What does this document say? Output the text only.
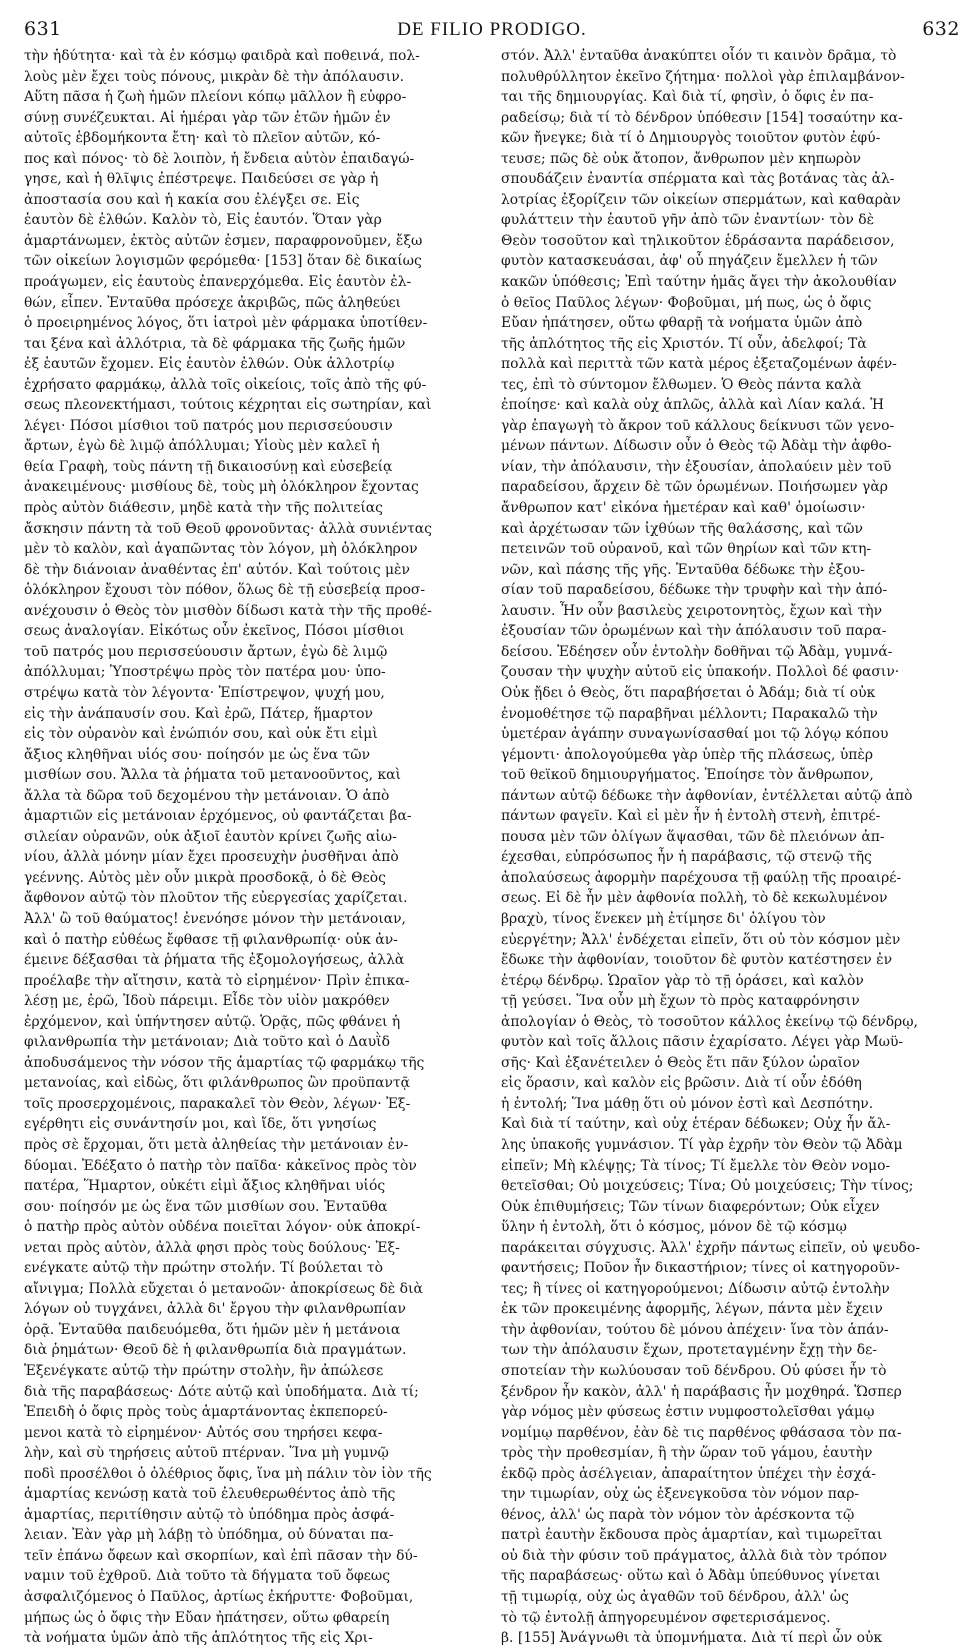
631	DE FILIO PRODIGO.	632

τὴν ἡδύτητα· καὶ τὰ ἐν κόσμῳ φαιδρὰ καὶ ποθεινά, πολ-
λοὺς μὲν ἔχει τοὺς πόνους, μικρὰν δὲ τὴν ἀπόλαυσιν.
Αὕτη πᾶσα ἡ ζωὴ ἡμῶν πλείονι κόπῳ μᾶλλον ἢ εὐφρο-
σύνῃ συνέζευκται. Αἱ ἡμέραι γὰρ τῶν ἐτῶν ἡμῶν ἐν
αὐτοῖς ἑβδομήκοντα ἔτη· καὶ τὸ πλεῖον αὐτῶν, κό-
πος καὶ πόνος· τὸ δὲ λοιπὸν, ἡ ἔνδεια αὐτὸν ἐπαιδαγώ-
γησε, καὶ ἡ θλῖψις ἐπέστρεψε. Παιδεύσει σε γὰρ ἡ
ἀποστασία σου καὶ ἡ κακία σου ἐλέγξει σε. Εἰς
ἑαυτὸν δὲ ἐλθών. Καλὸν τὸ, Εἰς ἑαυτόν. Ὅταν γὰρ
ἁμαρτάνωμεν, ἐκτὸς αὐτῶν ἐσμεν, παραφρονοῦμεν, ἔξω
τῶν οἰκείων λογισμῶν φερόμεθα· [153] ὅταν δὲ δικαίως
προάγωμεν, εἰς ἑαυτοὺς ἐπανερχόμεθα. Εἰς ἑαυτὸν ἐλ-
θών, εἶπεν. Ἐνταῦθα πρόσεχε ἀκριβῶς, πῶς ἀληθεύει
ὁ προειρημένος λόγος, ὅτι ἰατροὶ μὲν φάρμακα ὑποτίθεν-
ται ξένα καὶ ἀλλότρια, τὰ δὲ φάρμακα τῆς ζωῆς ἡμῶν
ἐξ ἑαυτῶν ἔχομεν. Εἰς ἑαυτὸν ἐλθών. Οὐκ ἀλλοτρίῳ
ἐχρήσατο φαρμάκῳ, ἀλλὰ τοῖς οἰκείοις, τοῖς ἀπὸ τῆς φύ-
σεως πλεονεκτήμασι, τούτοις κέχρηται εἰς σωτηρίαν, καὶ
λέγει· Πόσοι μίσθιοι τοῦ πατρός μου περισσεύουσιν
ἄρτων, ἐγὼ δὲ λιμῷ ἀπόλλυμαι; Υἱοὺς μὲν καλεῖ ἡ
θεία Γραφὴ, τοὺς πάντη τῇ δικαιοσύνῃ καὶ εὐσεβείᾳ
ἀνακειμένους· μισθίους δὲ, τοὺς μὴ ὁλόκληρον ἔχοντας
πρὸς αὐτὸν διάθεσιν, μηδὲ κατὰ τὴν τῆς πολιτείας
ἄσκησιν πάντη τὰ τοῦ Θεοῦ φρονοῦντας· ἀλλὰ συνιέντας
μὲν τὸ καλὸν, καὶ ἀγαπῶντας τὸν λόγον, μὴ ὁλόκληρον
δὲ τὴν διάνοιαν ἀναθέντας ἐπ' αὐτόν. Καὶ τούτοις μὲν
ὁλόκληρον ἔχουσι τὸν πόθον, ὅλως δὲ τῇ εὐσεβείᾳ προσ-
ανέχουσιν ὁ Θεὸς τὸν μισθὸν δίδωσι κατὰ τὴν τῆς προθέ-
σεως ἀναλογίαν. Εἰκότως οὖν ἐκεῖνος, Πόσοι μίσθιοι
τοῦ πατρός μου περισσεύουσιν ἄρτων, ἐγὼ δὲ λιμῷ
ἀπόλλυμαι; Ὑποστρέψω πρὸς τὸν πατέρα μου· ὑπο-
στρέψω κατὰ τὸν λέγοντα· Ἐπίστρεψον, ψυχή μου,
εἰς τὴν ἀνάπαυσίν σου. Καὶ ἐρῶ, Πάτερ, ἥμαρτον
εἰς τὸν οὐρανὸν καὶ ἐνώπιόν σου, καὶ οὐκ ἔτι εἰμὶ
ἄξιος κληθῆναι υἱός σου· ποίησόν με ὡς ἕνα τῶν
μισθίων σου. Ἄλλα τὰ ῥήματα τοῦ μετανοοῦντος, καὶ
ἄλλα τὰ δῶρα τοῦ δεχομένου τὴν μετάνοιαν. Ὁ ἀπὸ
ἁμαρτιῶν εἰς μετάνοιαν ἐρχόμενος, οὐ φαντάζεται βα-
σιλείαν οὐρανῶν, οὐκ ἀξιοῖ ἑαυτὸν κρίνει ζωῆς αἰω-
νίου, ἀλλὰ μόνην μίαν ἔχει προσευχὴν ῥυσθῆναι ἀπὸ
γεέννης. Αὐτὸς μὲν οὖν μικρὰ προσδοκᾷ, ὁ δὲ Θεὸς
ἄφθονον αὐτῷ τὸν πλοῦτον τῆς εὐεργεσίας χαρίζεται.
Ἀλλ' ὢ τοῦ θαύματος! ἐνενόησε μόνον τὴν μετάνοιαν,
καὶ ὁ πατὴρ εὐθέως ἔφθασε τῇ φιλανθρωπίᾳ· οὐκ ἀν-
έμεινε δέξασθαι τὰ ῥήματα τῆς ἐξομολογήσεως, ἀλλὰ
προέλαβε τὴν αἴτησιν, κατὰ τὸ εἰρημένον· Πρὶν ἐπικα-
λέσῃ με, ἐρῶ, Ἰδοὺ πάρειμι. Εἶδε τὸν υἱὸν μακρόθεν
ἐρχόμενον, καὶ ὑπήντησεν αὐτῷ. Ὁρᾷς, πῶς φθάνει ἡ
φιλανθρωπία τὴν μετάνοιαν; Διὰ τοῦτο καὶ ὁ Δαυῒδ
ἀποδυσάμενος τὴν νόσον τῆς ἁμαρτίας τῷ φαρμάκῳ τῆς
μετανοίας, καὶ εἰδὼς, ὅτι φιλάνθρωπος ὢν προϋπαντᾷ
τοῖς προσερχομένοις, παρακαλεῖ τὸν Θεὸν, λέγων· Ἐξ-
εγέρθητι εἰς συνάντησίν μοι, καὶ ἴδε, ὅτι γνησίως
πρὸς σὲ ἔρχομαι, ὅτι μετὰ ἀληθείας τὴν μετάνοιαν ἐν-
δύομαι. Ἐδέξατο ὁ πατὴρ τὸν παῖδα· κἀκεῖνος πρὸς τὸν
πατέρα, Ἥμαρτον, οὐκέτι εἰμὶ ἄξιος κληθῆναι υἱός
σου· ποίησόν με ὡς ἕνα τῶν μισθίων σου. Ἐνταῦθα
ὁ πατὴρ πρὸς αὐτὸν οὐδένα ποιεῖται λόγον· οὐκ ἀποκρί-
νεται πρὸς αὐτὸν, ἀλλὰ φησι πρὸς τοὺς δούλους· Ἐξ-
ενέγκατε αὐτῷ τὴν πρώτην στολήν. Τί βούλεται τὸ
αἴνιγμα; Πολλὰ εὔχεται ὁ μετανοῶν· ἀποκρίσεως δὲ διὰ
λόγων οὐ τυγχάνει, ἀλλὰ δι' ἔργου τὴν φιλανθρωπίαν
ὁρᾷ. Ἐνταῦθα παιδευόμεθα, ὅτι ἡμῶν μὲν ἡ μετάνοια
διὰ ῥημάτων· Θεοῦ δὲ ἡ φιλανθρωπία διὰ πραγμάτων.
Ἐξενέγκατε αὐτῷ τὴν πρώτην στολὴν, ἣν ἀπώλεσε
διὰ τῆς παραβάσεως· Δότε αὐτῷ καὶ ὑποδήματα. Διὰ τί;
Ἐπειδὴ ὁ ὄφις πρὸς τοὺς ἁμαρτάνοντας ἐκπεπορεύ-
μενοι κατὰ τὸ εἰρημένον· Αὐτός σου τηρήσει κεφα-
λὴν, καὶ σὺ τηρήσεις αὐτοῦ πτέρναν. Ἵνα μὴ γυμνῷ
ποδὶ προσέλθοι ὁ ὀλέθριος ὄφις, ἵνα μὴ πάλιν τὸν ἰὸν τῆς
ἁμαρτίας κενώσῃ κατὰ τοῦ ἐλευθερωθέντος ἀπὸ τῆς
ἁμαρτίας, περιτίθησιν αὐτῷ τὸ ὑπόδημα πρὸς ἀσφά-
λειαν. Ἐὰν γὰρ μὴ λάβῃ τὸ ὑπόδημα, οὐ δύναται πα-
τεῖν ἐπάνω ὄφεων καὶ σκορπίων, καὶ ἐπὶ πᾶσαν τὴν δύ-
ναμιν τοῦ ἐχθροῦ. Διὰ τοῦτο τὰ δήγματα τοῦ ὄφεως
ἀσφαλιζόμενος ὁ Παῦλος, ἀρτίως ἐκήρυττε· Φοβοῦμαι,
μήπως ὡς ὁ ὄφις τὴν Εὔαν ἠπάτησεν, οὕτω φθαρείη
τὰ νοήματα ὑμῶν ἀπὸ τῆς ἁπλότητος τῆς εἰς Χρι-

στόν. Ἀλλ' ἐνταῦθα ἀνακύπτει οἷόν τι καινὸν δρᾶμα, τὸ
πολυθρύλλητον ἐκεῖνο ζήτημα· πολλοὶ γὰρ ἐπιλαμβάνον-
ται τῆς δημιουργίας. Καὶ διὰ τί, φησὶν, ὁ ὄφις ἐν πα-
ραδείσῳ; διὰ τί τὸ δένδρον ὑπόθεσιν [154] τοσαύτην κα-
κῶν ἤνεγκε; διὰ τί ὁ Δημιουργὸς τοιοῦτον φυτὸν ἐφύ-
τευσε; πῶς δὲ οὐκ ἄτοπον, ἄνθρωπον μὲν κηπωρὸν
σπουδάζειν ἐναντία σπέρματα καὶ τὰς βοτάνας τὰς ἀλ-
λοτρίας ἐξορίζειν τῶν οἰκείων σπερμάτων, καὶ καθαρὰν
φυλάττειν τὴν ἑαυτοῦ γῆν ἀπὸ τῶν ἐναντίων· τὸν δὲ
Θεὸν τοσοῦτον καὶ τηλικοῦτον ἑδράσαντα παράδεισον,
φυτὸν κατασκευάσαι, ἀφ' οὗ πηγάζειν ἔμελλεν ἡ τῶν
κακῶν ὑπόθεσις; Ἐπὶ ταύτην ἡμᾶς ἄγει τὴν ἀκολουθίαν
ὁ θεῖος Παῦλος λέγων· Φοβοῦμαι, μή πως, ὡς ὁ ὄφις
Εὔαν ἠπάτησεν, οὕτω φθαρῇ τὰ νοήματα ὑμῶν ἀπὸ
τῆς ἁπλότητος τῆς εἰς Χριστόν. Τί οὖν, ἀδελφοί; Τὰ
πολλὰ καὶ περιττὰ τῶν κατὰ μέρος ἐξεταζομένων ἀφέν-
τες, ἐπὶ τὸ σύντομον ἔλθωμεν. Ὁ Θεὸς πάντα καλὰ
ἐποίησε· καὶ καλὰ οὐχ ἁπλῶς, ἀλλὰ καὶ Λίαν καλά. Ἡ
γὰρ ἐπαγωγὴ τὸ ἄκρον τοῦ κάλλους δείκνυσι τῶν γενο-
μένων πάντων. Δίδωσιν οὖν ὁ Θεὸς τῷ Ἀδὰμ τὴν ἀφθο-
νίαν, τὴν ἀπόλαυσιν, τὴν ἐξουσίαν, ἀπολαύειν μὲν τοῦ
παραδείσου, ἄρχειν δὲ τῶν ὁρωμένων. Ποιήσωμεν γὰρ
ἄνθρωπον κατ' εἰκόνα ἡμετέραν καὶ καθ' ὁμοίωσιν·
καὶ ἀρχέτωσαν τῶν ἰχθύων τῆς θαλάσσης, καὶ τῶν
πετεινῶν τοῦ οὐρανοῦ, καὶ τῶν θηρίων καὶ τῶν κτη-
νῶν, καὶ πάσης τῆς γῆς. Ἐνταῦθα δέδωκε τὴν ἐξου-
σίαν τοῦ παραδείσου, δέδωκε τὴν τρυφὴν καὶ τὴν ἀπό-
λαυσιν. Ἦν οὖν βασιλεὺς χειροτονητὸς, ἔχων καὶ τὴν
ἐξουσίαν τῶν ὁρωμένων καὶ τὴν ἀπόλαυσιν τοῦ παρα-
δείσου. Ἐδέησεν οὖν ἐντολὴν δοθῆναι τῷ Ἀδὰμ, γυμνά-
ζουσαν τὴν ψυχὴν αὐτοῦ εἰς ὑπακοήν. Πολλοὶ δέ φασιν·
Οὐκ ᾔδει ὁ Θεὸς, ὅτι παραβήσεται ὁ Ἀδάμ; διὰ τί οὐκ
ἐνομοθέτησε τῷ παραβῆναι μέλλοντι; Παρακαλῶ τὴν
ὑμετέραν ἀγάπην συναγωνίσασθαί μοι τῷ λόγῳ κόπου
γέμοντι· ἀπολογούμεθα γὰρ ὑπὲρ τῆς πλάσεως, ὑπὲρ
τοῦ θεϊκοῦ δημιουργήματος. Ἐποίησε τὸν ἄνθρωπον,
πάντων αὐτῷ δέδωκε τὴν ἀφθονίαν, ἐντέλλεται αὐτῷ ἀπὸ
πάντων φαγεῖν. Καὶ εἰ μὲν ἦν ἡ ἐντολὴ στενὴ, ἐπιτρέ-
πουσα μὲν τῶν ὀλίγων ἅψασθαι, τῶν δὲ πλειόνων ἀπ-
έχεσθαι, εὐπρόσωπος ἦν ἡ παράβασις, τῷ στενῷ τῆς
ἀπολαύσεως ἀφορμὴν παρέχουσα τῇ φαύλῃ τῆς προαιρέ-
σεως. Εἰ δὲ ἦν μὲν ἀφθονία πολλὴ, τὸ δὲ κεκωλυμένον
βραχὺ, τίνος ἕνεκεν μὴ ἐτίμησε δι' ὀλίγου τὸν
εὐεργέτην; Ἀλλ' ἐνδέχεται εἰπεῖν, ὅτι οὐ τὸν κόσμον μὲν
ἔδωκε τὴν ἀφθονίαν, τοιοῦτον δὲ φυτὸν κατέστησεν ἐν
ἑτέρῳ δένδρῳ. Ὡραῖον γὰρ τὸ τῇ ὁράσει, καὶ καλὸν
τῇ γεύσει. Ἵνα οὖν μὴ ἔχων τὸ πρὸς καταφρόνησιν
ἀπολογίαν ὁ Θεὸς, τὸ τοσοῦτον κάλλος ἐκείνῳ τῷ δένδρῳ,
φυτὸν καὶ τοῖς ἄλλοις πᾶσιν ἐχαρίσατο. Λέγει γὰρ Μωϋ-
σῆς· Καὶ ἐξανέτειλεν ὁ Θεὸς ἔτι πᾶν ξύλον ὡραῖον
εἰς ὅρασιν, καὶ καλὸν εἰς βρῶσιν. Διὰ τί οὖν ἐδόθη
ἡ ἐντολή; Ἵνα μάθῃ ὅτι οὐ μόνον ἐστὶ καὶ Δεσπότην.
Καὶ διὰ τί ταύτην, καὶ οὐχ ἑτέραν δέδωκεν; Οὐχ ἦν ἄλ-
λης ὑπακοῆς γυμνάσιον. Τί γὰρ ἐχρῆν τὸν Θεὸν τῷ Ἀδὰμ
εἰπεῖν; Μὴ κλέψῃς; Τὰ τίνος; Τί ἔμελλε τὸν Θεὸν νομο-
θετεῖσθαι; Οὐ μοιχεύσεις; Τίνα; Οὐ μοιχεύσεις; Τὴν τίνος;
Οὐκ ἐπιθυμήσεις; Τῶν τίνων διαφερόντων; Οὐκ εἶχεν
ὕλην ἡ ἐντολὴ, ὅτι ὁ κόσμος, μόνον δὲ τῷ κόσμῳ
παράκειται σύγχυσις. Ἀλλ' ἐχρῆν πάντως εἰπεῖν, οὐ ψευδο-
φαντήσεις; Ποῦον ἦν δικαστήριον; τίνες οἱ κατηγοροῦν-
τες; ἢ τίνες οἱ κατηγορούμενοι; Δίδωσιν αὐτῷ ἐντολὴν
ἐκ τῶν προκειμένης ἀφορμῆς, λέγων, πάντα μὲν ἔχειν
τὴν ἀφθονίαν, τούτου δὲ μόνου ἀπέχειν· ἵνα τὸν ἁπάν-
των τὴν ἀπόλαυσιν ἔχων, προτεταγμένην ἔχῃ τὴν δε-
σποτείαν τὴν κωλύουσαν τοῦ δένδρου. Οὐ φύσει ἦν τὸ
ξένδρον ἦν κακὸν, ἀλλ' ἡ παράβασις ἦν μοχθηρά. Ὥσπερ
γὰρ νόμος μὲν φύσεως ἐστιν νυμφοστολεῖσθαι γάμῳ
νομίμῳ παρθένον, ἐὰν δὲ τις παρθένος φθάσασα τὸν πα-
τρὸς τὴν προθεσμίαν, ἢ τὴν ὥραν τοῦ γάμου, ἑαυτὴν
ἐκδῷ πρὸς ἀσέλγειαν, ἀπαραίτητον ὑπέχει τὴν ἐσχά-
την τιμωρίαν, οὐχ ὡς ἐξενεγκοῦσα τὸν νόμον παρ-
θένος, ἀλλ' ὡς παρὰ τὸν νόμον τὸν ἀρέσκοντα τῷ
πατρὶ ἑαυτὴν ἔκδουσα πρὸς ἁμαρτίαν, καὶ τιμωρεῖται
οὐ διὰ τὴν φύσιν τοῦ πράγματος, ἀλλὰ διὰ τὸν τρόπον
τῆς παραβάσεως· οὕτω καὶ ὁ Ἀδὰμ ὑπεύθυνος γίνεται
τῇ τιμωρίᾳ, οὐχ ὡς ἀγαθῶν τοῦ δένδρου, ἀλλ' ὡς
τὸ τῷ ἐντολῇ ἀπηγορευμένον σφετερισάμενος.
β. [155] Ἀνάγνωθι τὰ ὑπομνήματα. Διὰ τί περὶ ὧν οὐκ
